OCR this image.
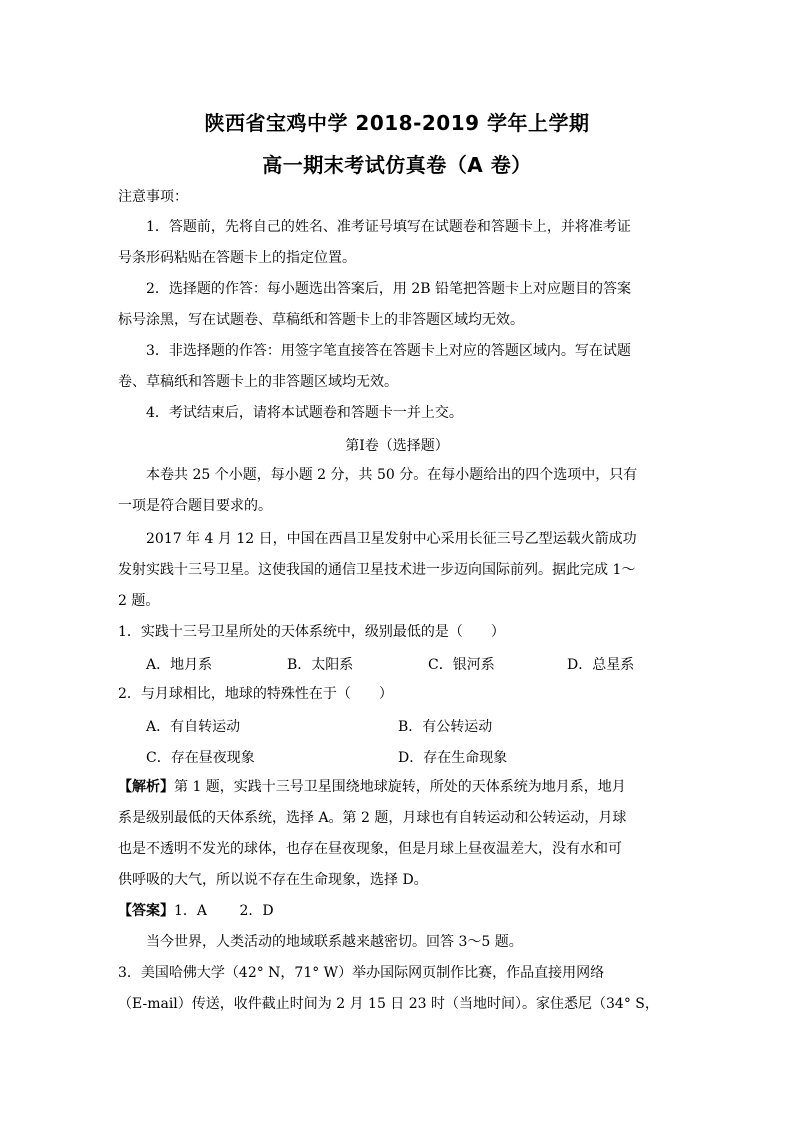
陕西省宝鸡中学 2018-2019 学年上学期
高一期末考试仿真卷（A 卷）
注意事项：
1．答题前，先将自己的姓名、准考证号填写在试题卷和答题卡上，并将准考证
号条形码粘贴在答题卡上的指定位置。
2．选择题的作答：每小题选出答案后，用 2B 铅笔把答题卡上对应题目的答案
标号涂黑，写在试题卷、草稿纸和答题卡上的非答题区域均无效。
3．非选择题的作答：用签字笔直接答在答题卡上对应的答题区域内。写在试题
卷、草稿纸和答题卡上的非答题区域均无效。
4．考试结束后，请将本试题卷和答题卡一并上交。
第Ⅰ卷（选择题）
本卷共 25 个小题，每小题 2 分，共 50 分。在每小题给出的四个选项中，只有
一项是符合题目要求的。
2017 年 4 月 12 日，中国在西昌卫星发射中心采用长征三号乙型运载火箭成功
发射实践十三号卫星。这使我国的通信卫星技术进一步迈向国际前列。据此完成 1～
2 题。
1．实践十三号卫星所处的天体系统中，级别最低的是（　　）
A．地月系	B．太阳系	C．银河系	D．总星系
2．与月球相比，地球的特殊性在于（　　）
A．有自转运动	B．有公转运动
C．存在昼夜现象	D．存在生命现象
【解析】第 1 题，实践十三号卫星围绕地球旋转，所处的天体系统为地月系，地月
系是级别最低的天体系统，选择 A。第 2 题，月球也有自转运动和公转运动，月球
也是不透明不发光的球体，也存在昼夜现象，但是月球上昼夜温差大，没有水和可
供呼吸的大气，所以说不存在生命现象，选择 D。
【答案】1．A　　 2．D
当今世界，人类活动的地域联系越来越密切。回答 3～5 题。
3．美国哈佛大学（42° N，71° W）举办国际网页制作比赛，作品直接用网络
（E-mail）传送，收件截止时间为 2 月 15 日 23 时（当地时间）。家住悉尼（34° S，
